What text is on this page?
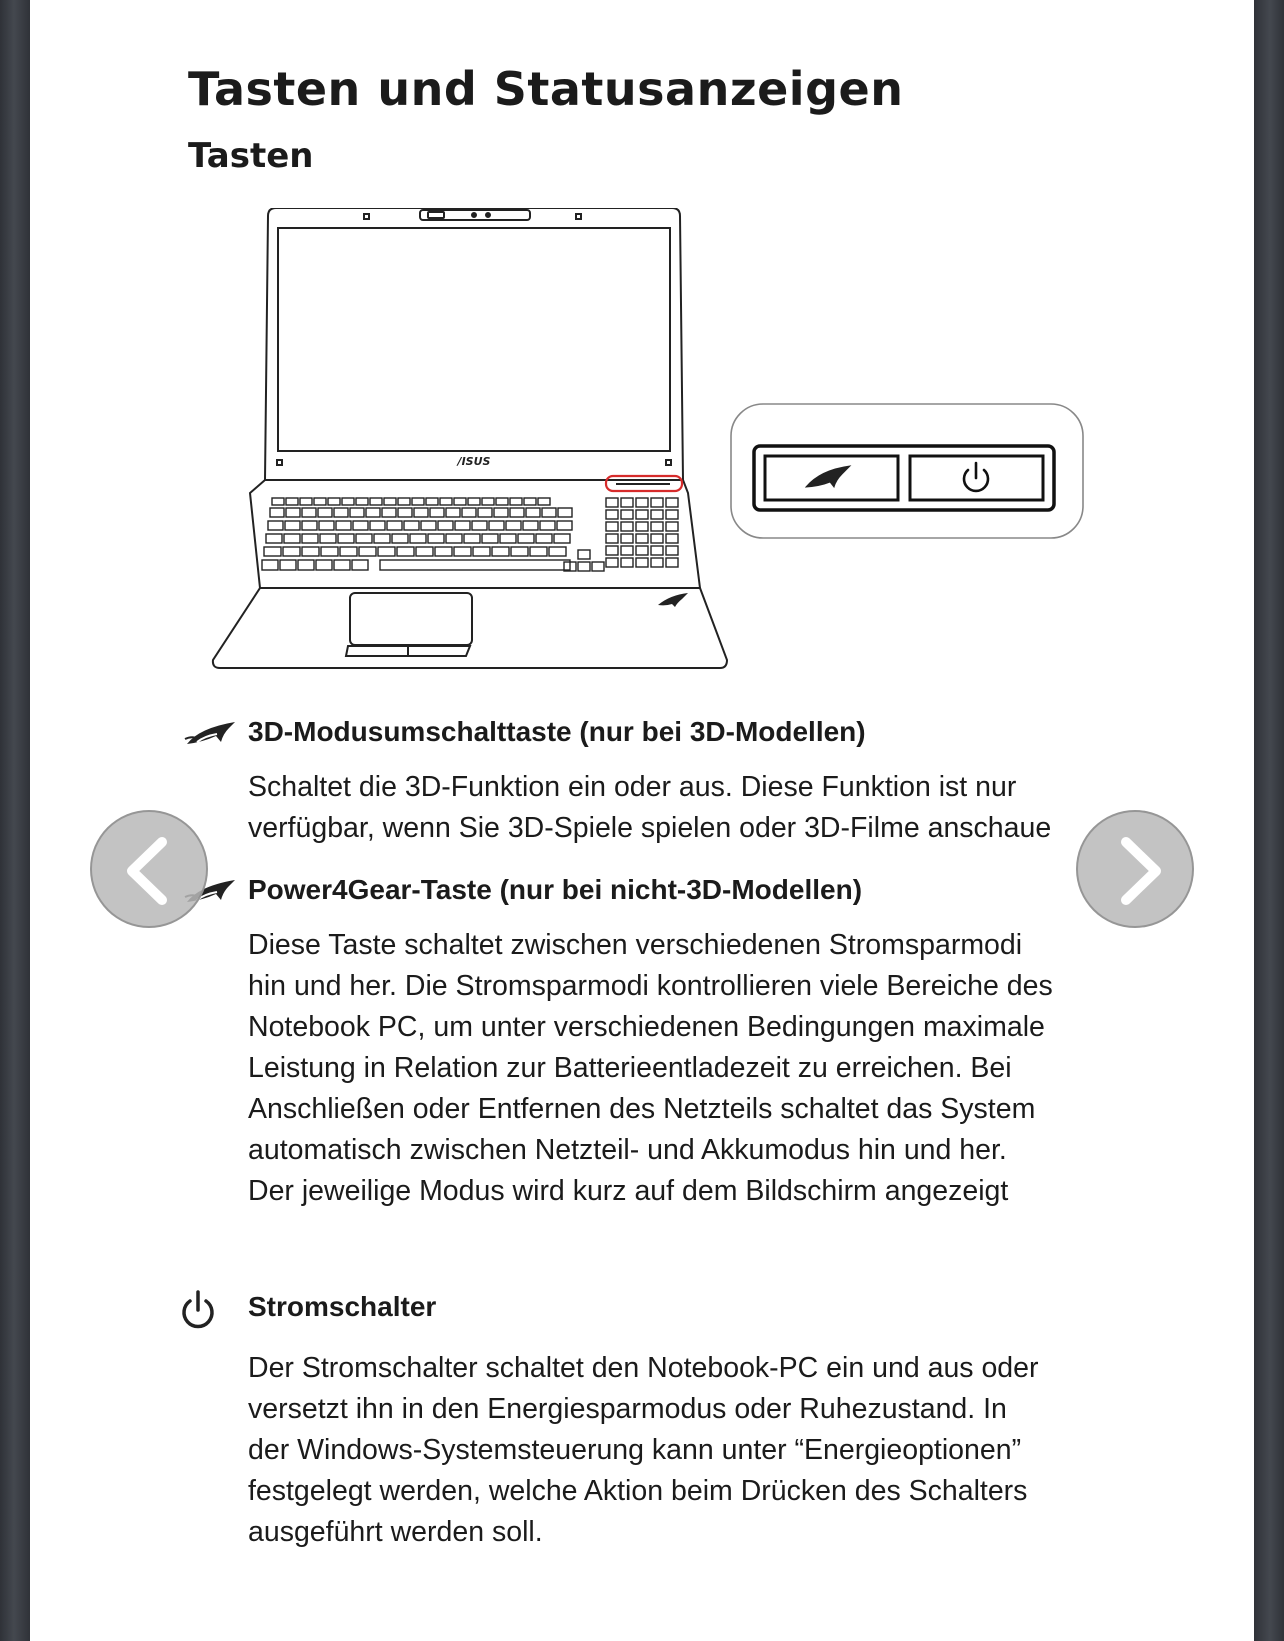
Tasten und Statusanzeigen
Tasten
/ISUS
3D-Modusumschalttaste (nur bei 3D-Modellen)
Schaltet die 3D-Funktion ein oder aus. Diese Funktion ist nur
verfügbar, wenn Sie 3D-Spiele spielen oder 3D-Filme anschaue
Power4Gear-Taste (nur bei nicht-3D-Modellen)
Diese Taste schaltet zwischen verschiedenen Stromsparmodi
hin und her. Die Stromsparmodi kontrollieren viele Bereiche des
Notebook PC, um unter verschiedenen Bedingungen maximale
Leistung in Relation zur Batterieentladezeit zu erreichen. Bei
Anschließen oder Entfernen des Netzteils schaltet das System
automatisch zwischen Netzteil- und Akkumodus hin und her.
Der jeweilige Modus wird kurz auf dem Bildschirm angezeigt
Stromschalter
Der Stromschalter schaltet den Notebook-PC ein und aus oder
versetzt ihn in den Energiesparmodus oder Ruhezustand. In
der Windows-Systemsteuerung kann unter “Energieoptionen”
festgelegt werden, welche Aktion beim Drücken des Schalters
ausgeführt werden soll.
